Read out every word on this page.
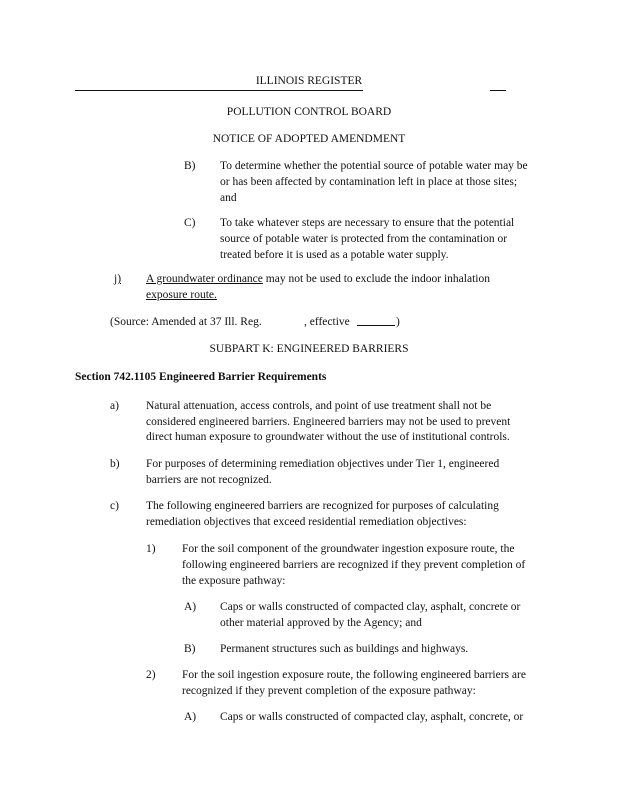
ILLINOIS REGISTER
POLLUTION CONTROL BOARD
NOTICE OF ADOPTED AMENDMENT
B) To determine whether the potential source of potable water may be
or has been affected by contamination left in place at those sites;
and
C) To take whatever steps are necessary to ensure that the potential
source of potable water is protected from the contamination or
treated before it is used as a potable water supply.
j) A groundwater ordinance may not be used to exclude the indoor inhalation
exposure route.
(Source: Amended at 37 Ill. Reg.	, effective	)
SUBPART K: ENGINEERED BARRIERS
Section 742.1105 Engineered Barrier Requirements
a) Natural attenuation, access controls, and point of use treatment shall not be
considered engineered barriers. Engineered barriers may not be used to prevent
direct human exposure to groundwater without the use of institutional controls.
b) For purposes of determining remediation objectives under Tier 1, engineered
barriers are not recognized.
c) The following engineered barriers are recognized for purposes of calculating
remediation objectives that exceed residential remediation objectives:
1) For the soil component of the groundwater ingestion exposure route, the
following engineered barriers are recognized if they prevent completion of
the exposure pathway:
A) Caps or walls constructed of compacted clay, asphalt, concrete or
other material approved by the Agency; and
B) Permanent structures such as buildings and highways.
2) For the soil ingestion exposure route, the following engineered barriers are
recognized if they prevent completion of the exposure pathway:
A) Caps or walls constructed of compacted clay, asphalt, concrete, or
